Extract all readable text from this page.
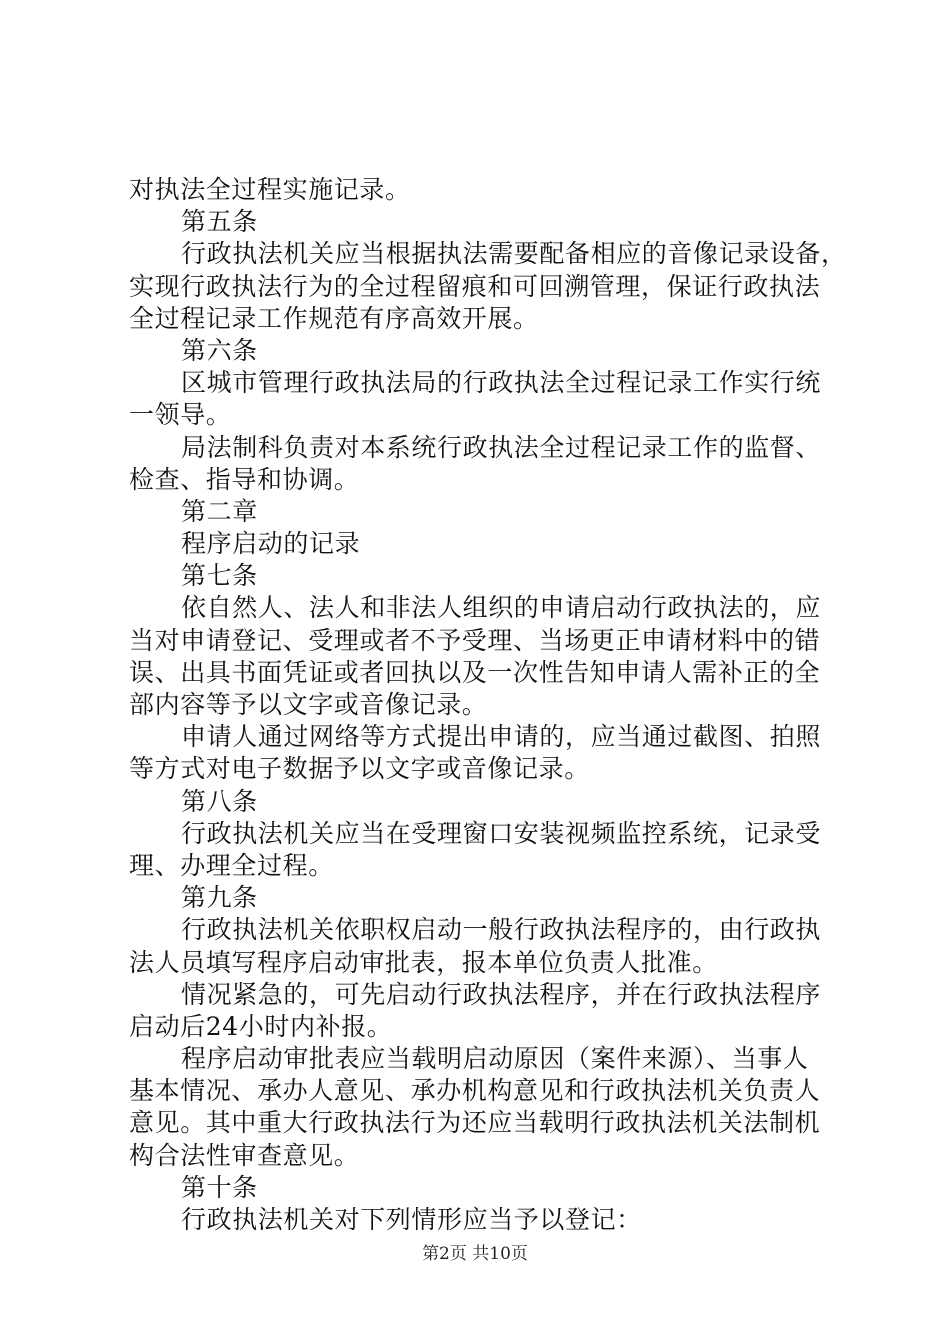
对执法全过程实施记录。
第五条
行政执法机关应当根据执法需要配备相应的音像记录设备，
实现行政执法行为的全过程留痕和可回溯管理，保证行政执法
全过程记录工作规范有序高效开展。
第六条
区城市管理行政执法局的行政执法全过程记录工作实行统
一领导。
局法制科负责对本系统行政执法全过程记录工作的监督、
检查、指导和协调。
第二章
程序启动的记录
第七条
依自然人、法人和非法人组织的申请启动行政执法的，应
当对申请登记、受理或者不予受理、当场更正申请材料中的错
误、出具书面凭证或者回执以及一次性告知申请人需补正的全
部内容等予以文字或音像记录。
申请人通过网络等方式提出申请的，应当通过截图、拍照
等方式对电子数据予以文字或音像记录。
第八条
行政执法机关应当在受理窗口安装视频监控系统，记录受
理、办理全过程。
第九条
行政执法机关依职权启动一般行政执法程序的，由行政执
法人员填写程序启动审批表，报本单位负责人批准。
情况紧急的，可先启动行政执法程序，并在行政执法程序
启动后24小时内补报。
程序启动审批表应当载明启动原因（案件来源）、当事人
基本情况、承办人意见、承办机构意见和行政执法机关负责人
意见。其中重大行政执法行为还应当载明行政执法机关法制机
构合法性审查意见。
第十条
行政执法机关对下列情形应当予以登记：
第2页 共10页
